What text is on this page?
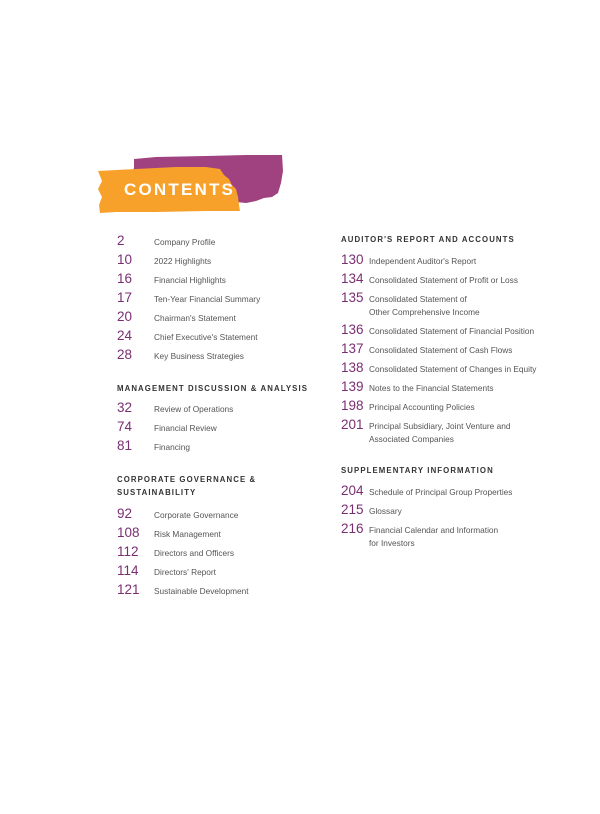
CONTENTS
2	Company Profile
10	2022 Highlights
16	Financial Highlights
17	Ten-Year Financial Summary
20	Chairman's Statement
24	Chief Executive's Statement
28	Key Business Strategies
MANAGEMENT DISCUSSION & ANALYSIS
32	Review of Operations
74	Financial Review
81	Financing
CORPORATE GOVERNANCE &
SUSTAINABILITY
92	Corporate Governance
108	Risk Management
112	Directors and Officers
114	Directors' Report
121	Sustainable Development
AUDITOR'S REPORT AND ACCOUNTS
130 Independent Auditor's Report
134 Consolidated Statement of Profit or Loss
135 Consolidated Statement of
Other Comprehensive Income
136 Consolidated Statement of Financial Position
137 Consolidated Statement of Cash Flows
138 Consolidated Statement of Changes in Equity
139 Notes to the Financial Statements
198 Principal Accounting Policies
201 Principal Subsidiary, Joint Venture and
Associated Companies
SUPPLEMENTARY INFORMATION
204 Schedule of Principal Group Properties
215 Glossary
216 Financial Calendar and Information
for Investors
